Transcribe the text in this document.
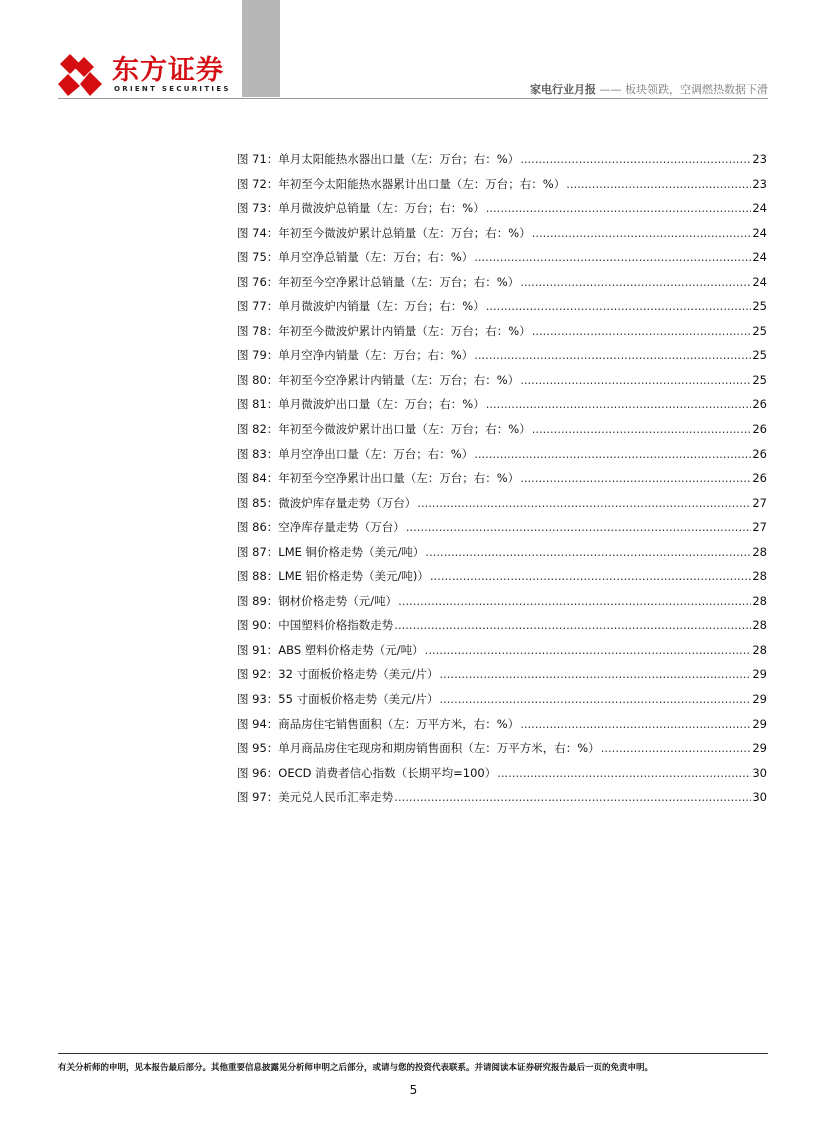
东方证券
ORIENT SECURITIES	家电行业月报 —— 板块领跌，空调燃热数据下滑
图 71：单月太阳能热水器出口量（左：万台；右：%） .....	23
图 72：年初至今太阳能热水器累计出口量（左：万台；右：%） .....	23
图 73：单月微波炉总销量（左：万台；右：%） .....	24
图 74：年初至今微波炉累计总销量（左：万台；右：%） .....	24
图 75：单月空净总销量（左：万台；右：%） .....	24
图 76：年初至今空净累计总销量（左：万台；右：%） .....	24
图 77：单月微波炉内销量（左：万台；右：%） .....	25
图 78：年初至今微波炉累计内销量（左：万台；右：%） .....	25
图 79：单月空净内销量（左：万台；右：%） .....	25
图 80：年初至今空净累计内销量（左：万台；右：%） .....	25
图 81：单月微波炉出口量（左：万台；右：%） .....	26
图 82：年初至今微波炉累计出口量（左：万台；右：%） .....	26
图 83：单月空净出口量（左：万台；右：%） .....	26
图 84：年初至今空净累计出口量（左：万台；右：%） .....	26
图 85：微波炉库存量走势（万台） .....	27
图 86：空净库存量走势（万台） .....	27
图 87：LME 铜价格走势（美元/吨） .....	28
图 88：LME 铝价格走势（美元/吨)） .....	28
图 89：钢材价格走势（元/吨） .....	28
图 90：中国塑料价格指数走势 .....	28
图 91：ABS 塑料价格走势（元/吨） .....	28
图 92：32 寸面板价格走势（美元/片） .....	29
图 93：55 寸面板价格走势（美元/片） .....	29
图 94：商品房住宅销售面积（左：万平方米，右：%） .....	29
图 95：单月商品房住宅现房和期房销售面积（左：万平方米，右：%） .....	29
图 96：OECD 消费者信心指数（长期平均=100） .....	30
图 97：美元兑人民币汇率走势 .....	30
有关分析师的申明，见本报告最后部分。其他重要信息披露见分析师申明之后部分，或请与您的投资代表联系。并请阅读本证券研究报告最后一页的免责申明。
5
